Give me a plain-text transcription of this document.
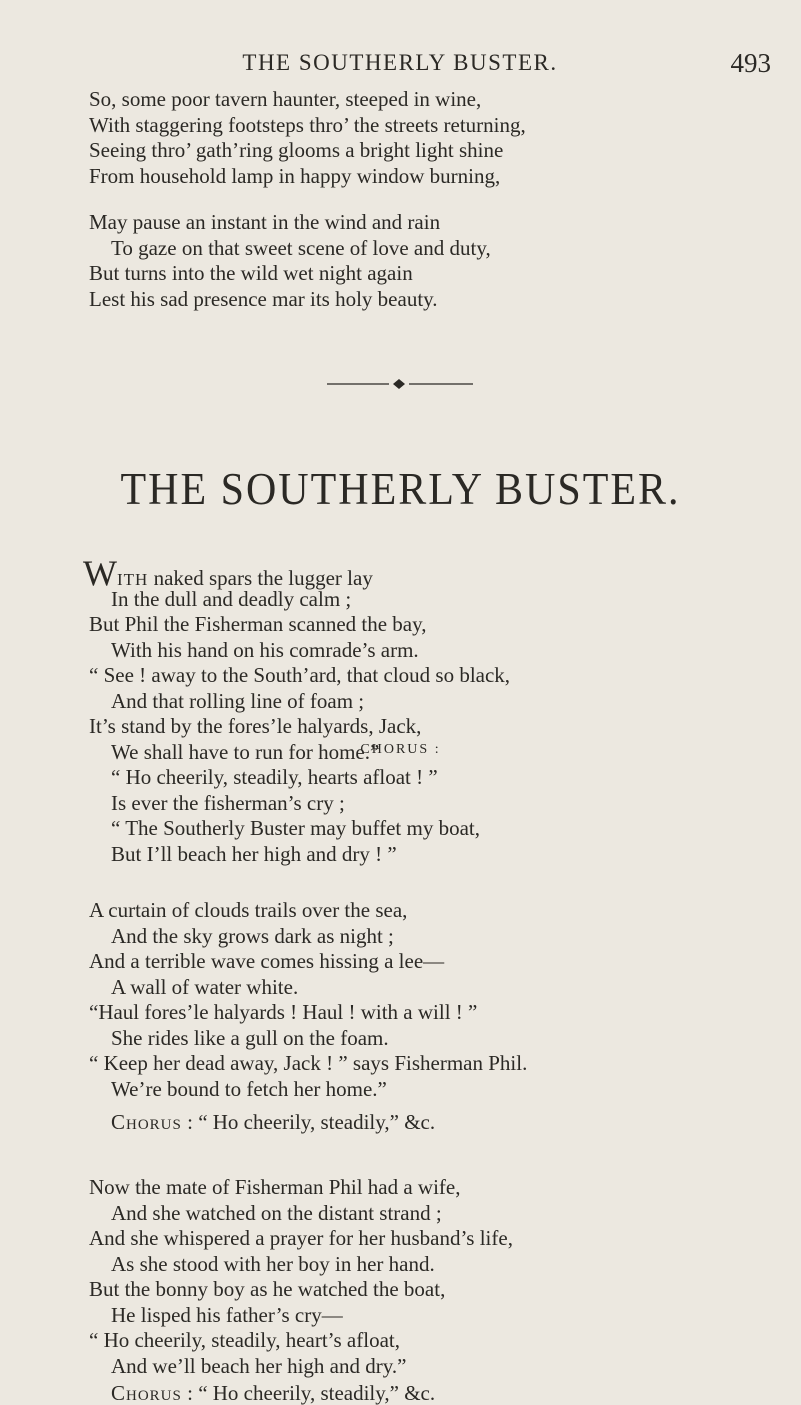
THE SOUTHERLY BUSTER.	493
So, some poor tavern haunter, steeped in wine,
With staggering footsteps thro’ the streets returning,
Seeing thro’ gath’ring glooms a bright light shine
From household lamp in happy window burning,
May pause an instant in the wind and rain
To gaze on that sweet scene of love and duty,
But turns into the wild wet night again
Lest his sad presence mar its holy beauty.
THE SOUTHERLY BUSTER.
WITH naked spars the lugger lay
In the dull and deadly calm ;
But Phil the Fisherman scanned the bay,
With his hand on his comrade’s arm.
“ See ! away to the South’ard, that cloud so black,
And that rolling line of foam ;
It’s stand by the fores’le halyards, Jack,
We shall have to run for home.”
CHORUS :
“ Ho cheerily, steadily, hearts afloat ! ”
Is ever the fisherman’s cry ;
“ The Southerly Buster may buffet my boat,
But I’ll beach her high and dry ! ”
A curtain of clouds trails over the sea,
And the sky grows dark as night ;
And a terrible wave comes hissing a lee—
A wall of water white.
“Haul fores’le halyards ! Haul ! with a will ! ”
She rides like a gull on the foam.
“ Keep her dead away, Jack ! ” says Fisherman Phil.
We’re bound to fetch her home.”
Chorus : “ Ho cheerily, steadily,” &c.
Now the mate of Fisherman Phil had a wife,
And she watched on the distant strand ;
And she whispered a prayer for her husband’s life,
As she stood with her boy in her hand.
But the bonny boy as he watched the boat,
He lisped his father’s cry—
“ Ho cheerily, steadily, heart’s afloat,
And we’ll beach her high and dry.”
Chorus : “ Ho cheerily, steadily,” &c.
